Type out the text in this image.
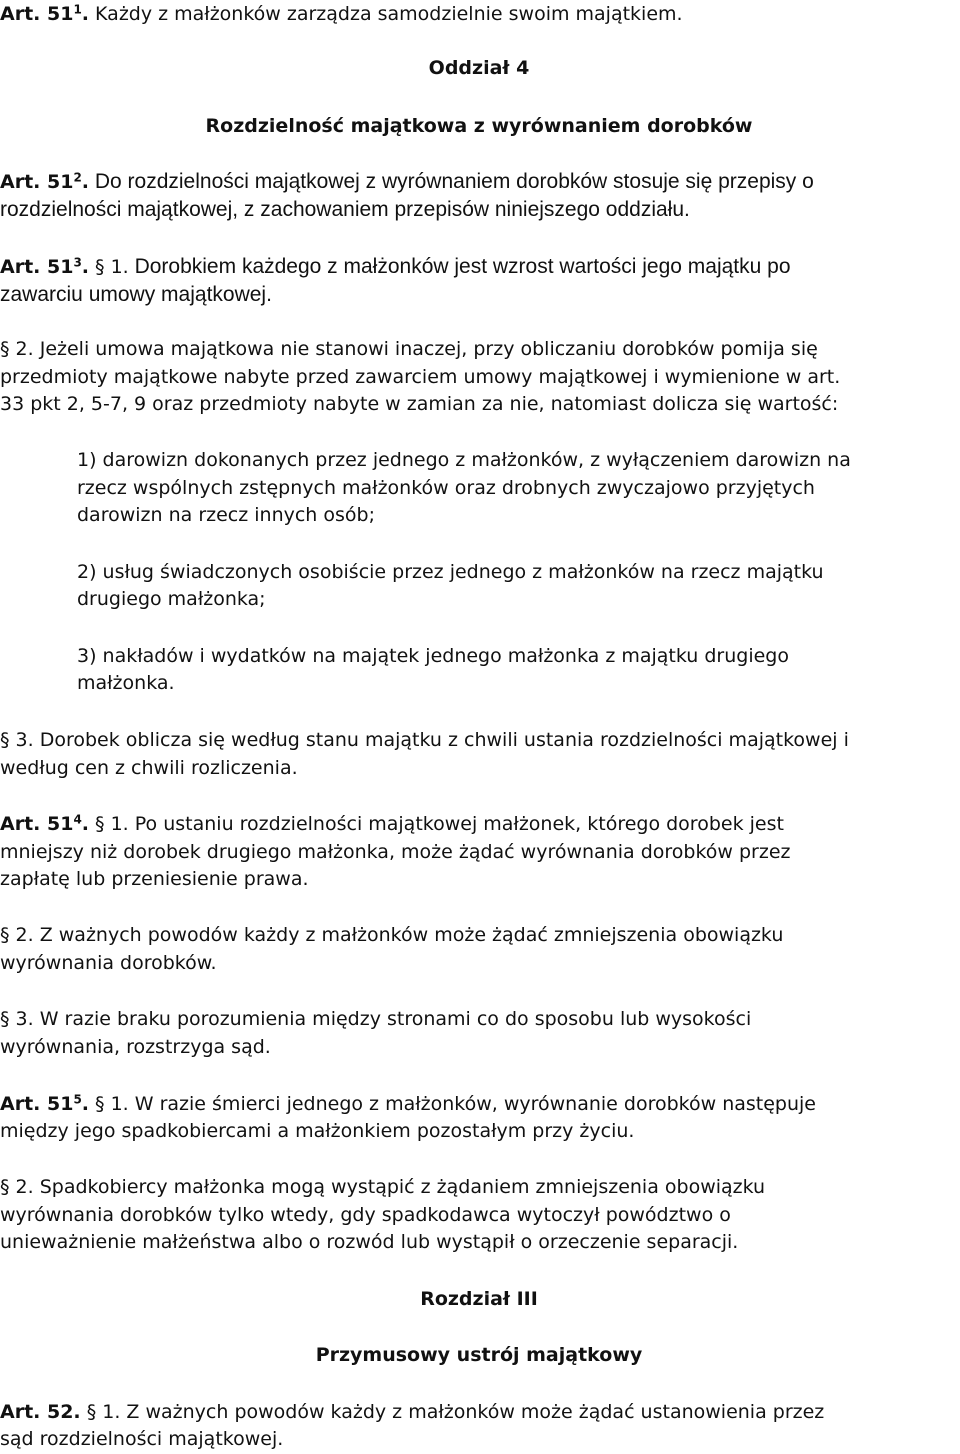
Art. $51^1$. Każdy z małżonków zarządza samodzielnie swoim majątkiem.

Oddział 4

Rozdzielność majątkowa z wyrównaniem dorobków

Art. $51^2$. Do rozdzielności majątkowej z wyrównaniem dorobków stosuje się przepisy o

rozdzielności majątkowej, z zachowaniem przepisów niniejszego oddziału.

Art. $51^3$. § 1. Dorobkiem każdego z małżonków jest wzrost wartości jego majątku po

zawarciu umowy majątkowej.

§ 2. Jeżeli umowa majątkowa nie stanowi inaczej, przy obliczaniu dorobków pomija się

przedmioty majątkowe nabyte przed zawarciem umowy majątkowej i wymienione w art.

33 pkt 2, 5-7, 9 oraz przedmioty nabyte w zamian za nie, natomiast dolicza się wartość:

1) darowizn dokonanych przez jednego z małżonków, z wyłączeniem darowizn na

rzecz wspólnych zstępnych małżonków oraz drobnych zwyczajowo przyjętych

darowizn na rzecz innych osób;

2) usług świadczonych osobiście przez jednego z małżonków na rzecz majątku

drugiego małżonka;

3) nakładów i wydatków na majątek jednego małżonka z majątku drugiego

małżonka.

§ 3. Dorobek oblicza się według stanu majątku z chwili ustania rozdzielności majątkowej i

według cen z chwili rozliczenia.

Art. $51^4$. § 1. Po ustaniu rozdzielności majątkowej małżonek, którego dorobek jest

mniejszy niż dorobek drugiego małżonka, może żądać wyrównania dorobków przez

zapłatę lub przeniesienie prawa.

§ 2. Z ważnych powodów każdy z małżonków może żądać zmniejszenia obowiązku

wyrównania dorobków.

§ 3. W razie braku porozumienia między stronami co do sposobu lub wysokości

wyrównania, rozstrzyga sąd.

Art. $51^5$. § 1. W razie śmierci jednego z małżonków, wyrównanie dorobków następuje

między jego spadkobiercami a małżonkiem pozostałym przy życiu.

§ 2. Spadkobiercy małżonka mogą wystąpić z żądaniem zmniejszenia obowiązku

wyrównania dorobków tylko wtedy, gdy spadkodawca wytoczył powództwo o

unieważnienie małżeństwa albo o rozwód lub wystąpił o orzeczenie separacji.

Rozdział III

Przymusowy ustrój majątkowy

Art. 52. § 1. Z ważnych powodów każdy z małżonków może żądać ustanowienia przez

sąd rozdzielności majątkowej.
